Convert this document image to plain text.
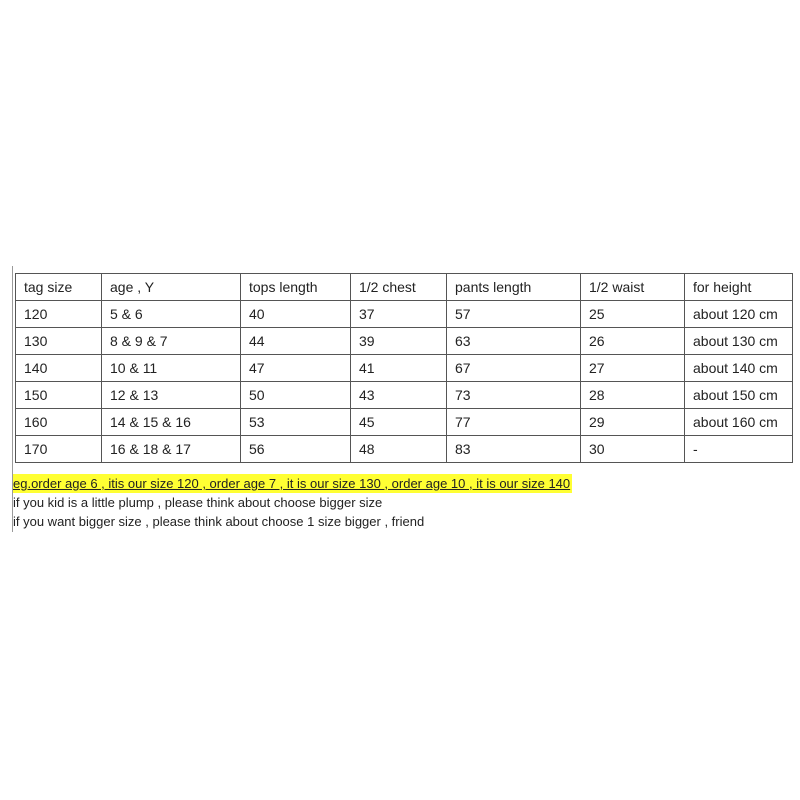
tag size	age , Y	tops length	1/2 chest	pants length	1/2 waist	for height
120	5 & 6	40	37	57	25	about 120 cm
130	8 & 9 & 7	44	39	63	26	about 130 cm
140	10 & 11	47	41	67	27	about 140 cm
150	12 & 13	50	43	73	28	about 150 cm
160	14 & 15 & 16	53	45	77	29	about 160 cm
170	16 & 18 & 17	56	48	83	30	-
eg.order age 6 , itis our size 120 , order age 7 , it is our size 130 , order age 10 , it is our size 140
if you kid is a little plump , please think about choose bigger size
if you want bigger size , please think about choose 1 size bigger , friend
